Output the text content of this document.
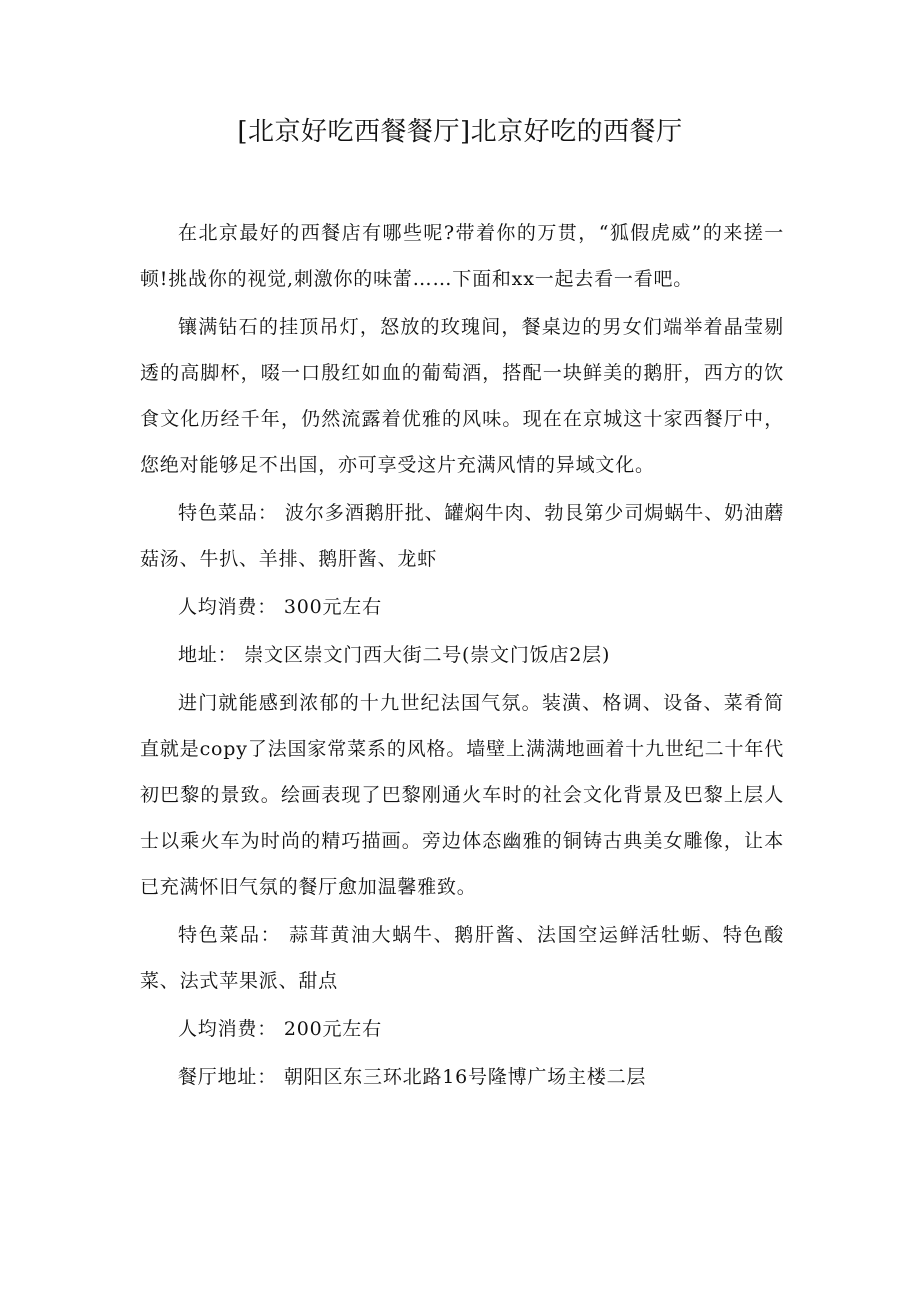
[北京好吃西餐餐厅]北京好吃的西餐厅

在北京最好的西餐店有哪些呢?带着你的万贯，“狐假虎威”的来搓一顿!挑战你的视觉,刺激你的味蕾……下面和xx一起去看一看吧。

镶满钻石的挂顶吊灯，怒放的玫瑰间，餐桌边的男女们端举着晶莹剔透的高脚杯，啜一口殷红如血的葡萄酒，搭配一块鲜美的鹅肝，西方的饮食文化历经千年，仍然流露着优雅的风味。现在在京城这十家西餐厅中，您绝对能够足不出国，亦可享受这片充满风情的异域文化。

特色菜品： 波尔多酒鹅肝批、罐焖牛肉、勃艮第少司焗蜗牛、奶油蘑菇汤、牛扒、羊排、鹅肝酱、龙虾

人均消费： 300元左右

地址： 崇文区崇文门西大街二号(崇文门饭店2层)

进门就能感到浓郁的十九世纪法国气氛。装潢、格调、设备、菜肴简直就是copy了法国家常菜系的风格。墙壁上满满地画着十九世纪二十年代初巴黎的景致。绘画表现了巴黎刚通火车时的社会文化背景及巴黎上层人士以乘火车为时尚的精巧描画。旁边体态幽雅的铜铸古典美女雕像，让本已充满怀旧气氛的餐厅愈加温馨雅致。

特色菜品： 蒜茸黄油大蜗牛、鹅肝酱、法国空运鲜活牡蛎、特色酸菜、法式苹果派、甜点

人均消费： 200元左右

餐厅地址： 朝阳区东三环北路16号隆博广场主楼二层
